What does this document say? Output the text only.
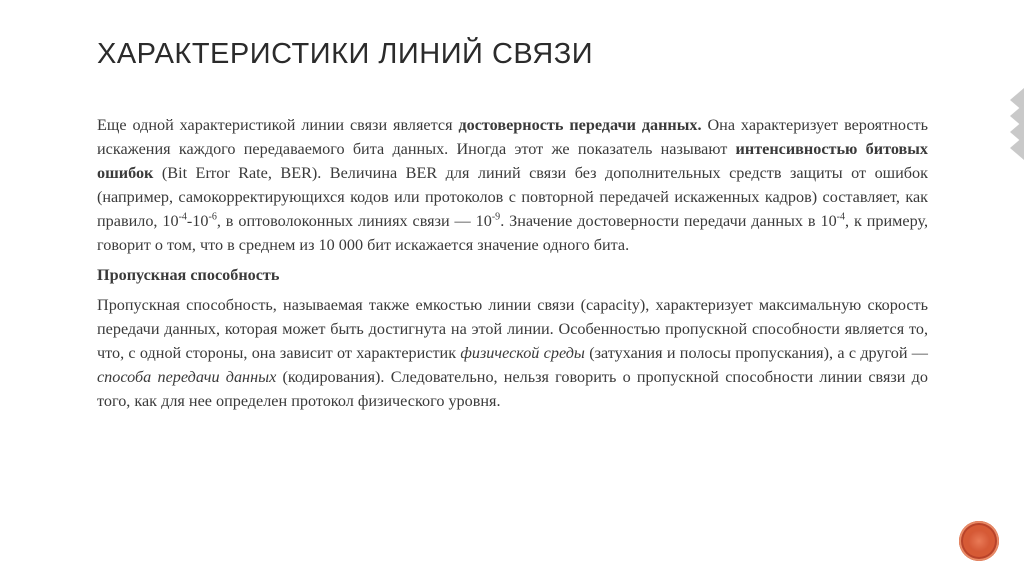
ХАРАКТЕРИСТИКИ ЛИНИЙ СВЯЗИ

Еще одной характеристикой линии связи является достоверность передачи данных. Она характеризует вероятность искажения каждого передаваемого бита данных. Иногда этот же показатель называют интенсивностью битовых ошибок (Bit Error Rate, BER). Величина BER для линий связи без дополнительных средств защиты от ошибок (например, самокорректирующихся кодов или протоколов с повторной передачей искаженных кадров) составляет, как правило, $10^{-4}-10^{-6}$, в оптоволоконных линиях связи — $10^{-9}$. Значение достоверности передачи данных в $10^{-4}$, к примеру, говорит о том, что в среднем из 10 000 бит искажается значение одного бита.

Пропускная способность

Пропускная способность, называемая также емкостью линии связи (capacity), характеризует максимальную скорость передачи данных, которая может быть достигнута на этой линии. Особенностью пропускной способности является то, что, с одной стороны, она зависит от характеристик физической среды (затухания и полосы пропускания), а с другой — способа передачи данных (кодирования). Следовательно, нельзя говорить о пропускной способности линии связи до того, как для нее определен протокол физического уровня.
